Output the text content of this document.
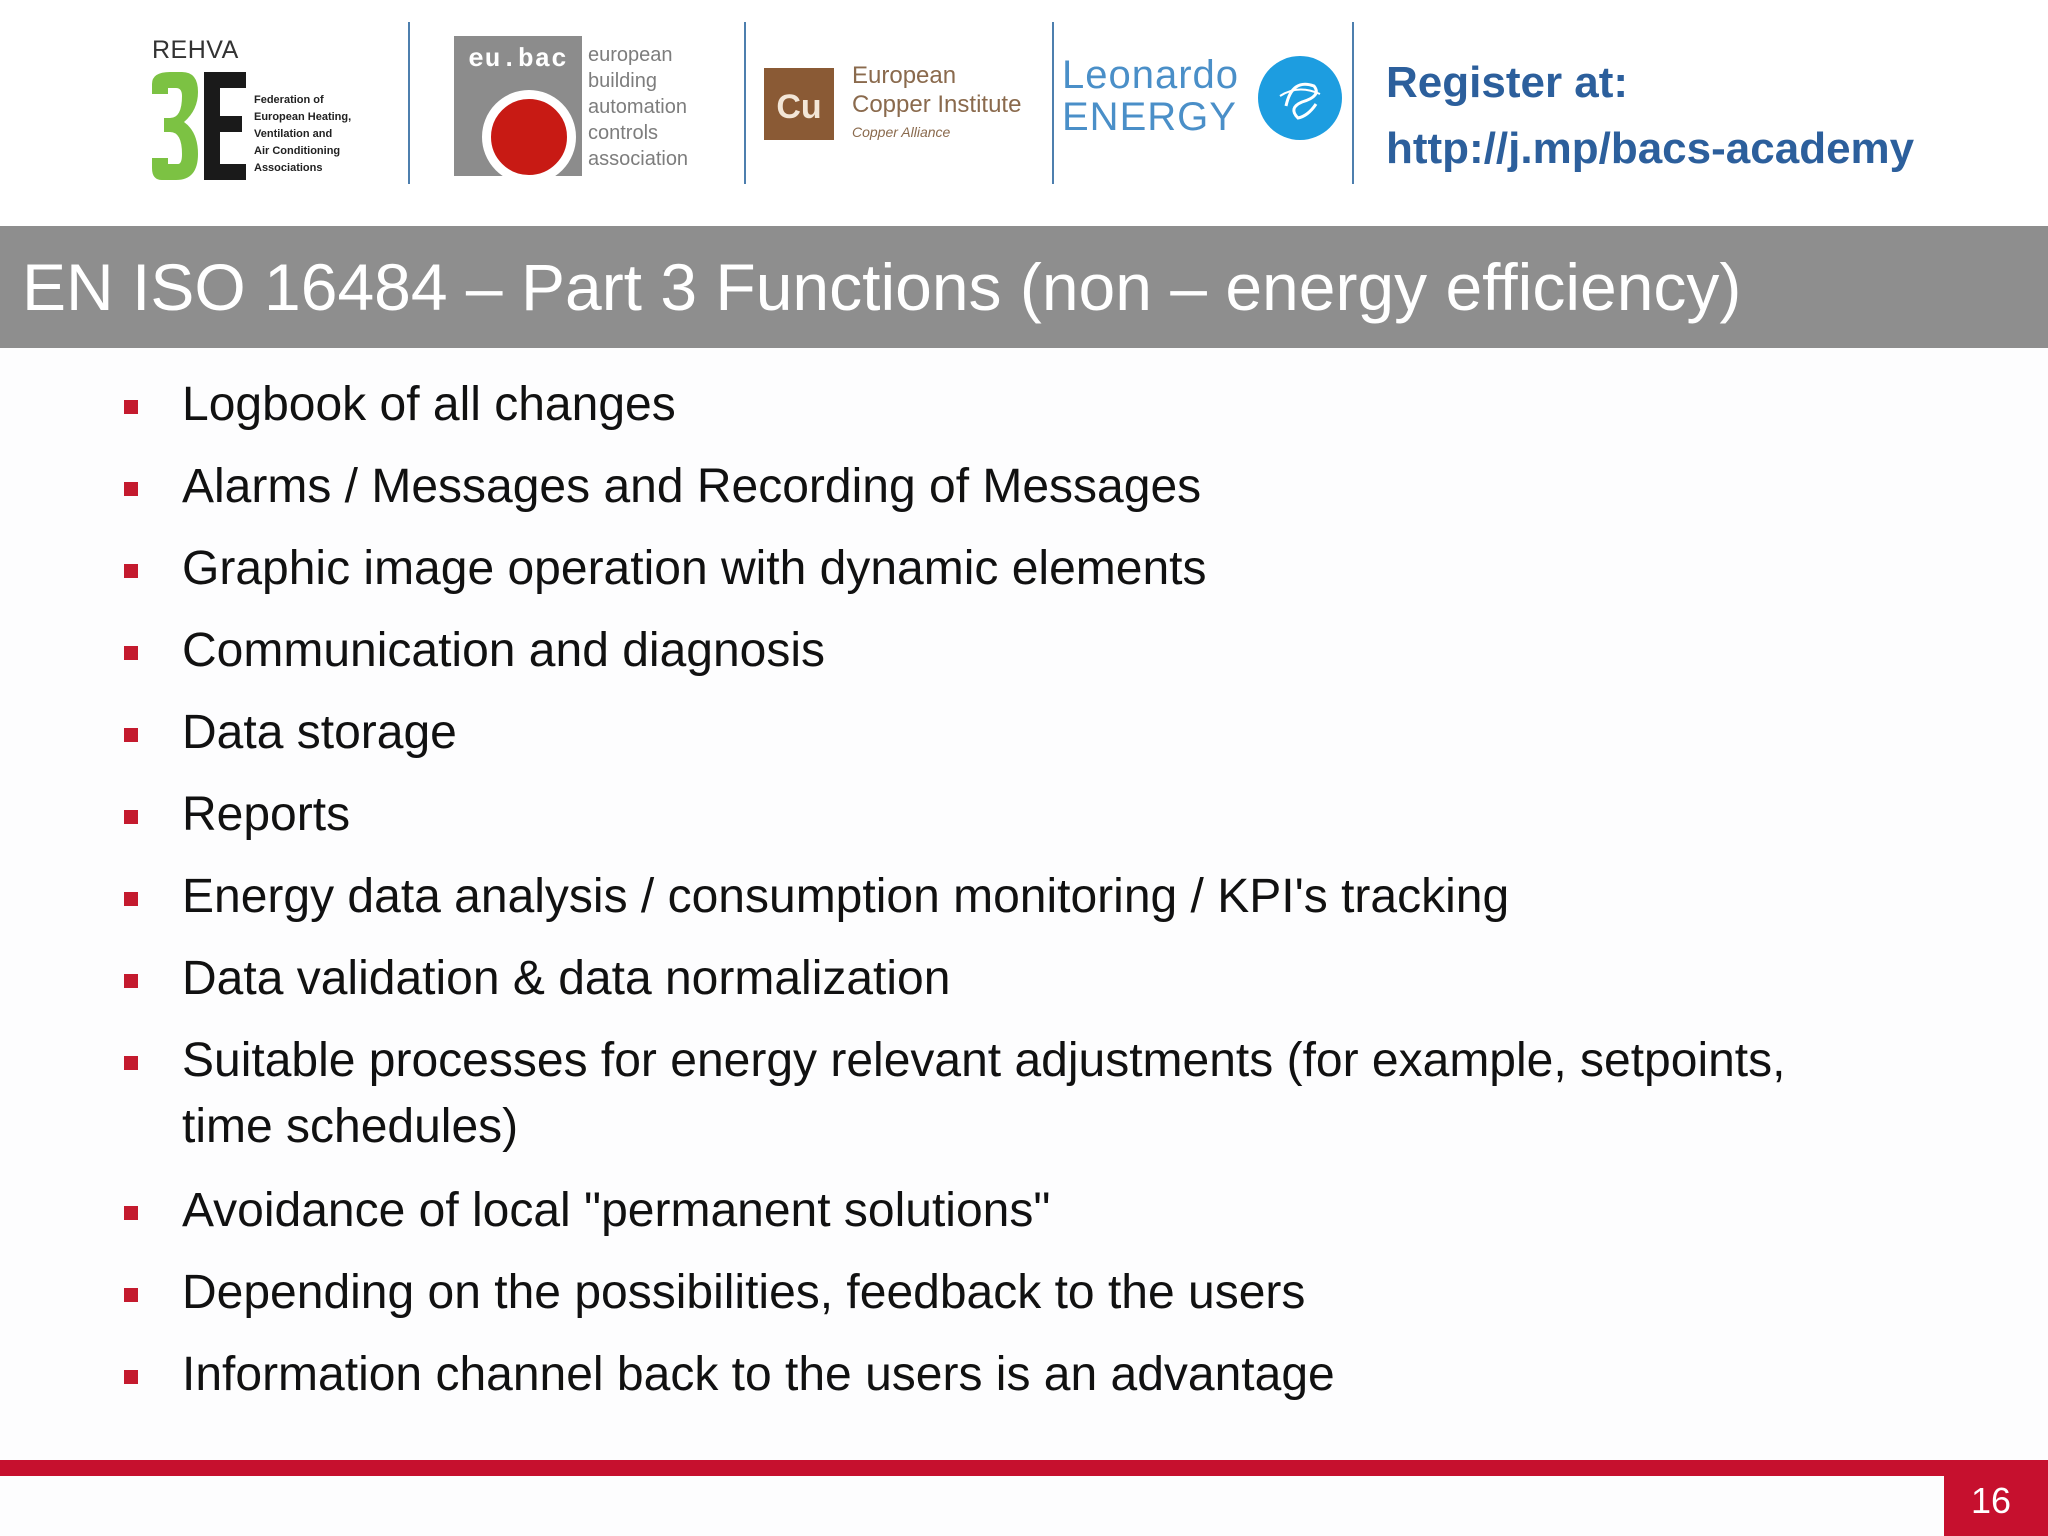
REHVA
Federation of
European Heating,
Ventilation and
Air Conditioning
Associations
eu.bac	european
building
automation
controls
association
Cu
European
Copper Institute
Copper Alliance
Leonardo
ENERGY
Register at:
http://j.mp/bacs-academy
EN ISO 16484 – Part 3 Functions (non – energy efficiency)
Logbook of all changes
Alarms / Messages and Recording of Messages
Graphic image operation with dynamic elements
Communication and diagnosis
Data storage
Reports
Energy data analysis / consumption monitoring / KPI's tracking
Data validation & data normalization
Suitable processes for energy relevant adjustments (for example, setpoints, time schedules)
Avoidance of local "permanent solutions"
Depending on the possibilities, feedback to the users
Information channel back to the users is an advantage
16
